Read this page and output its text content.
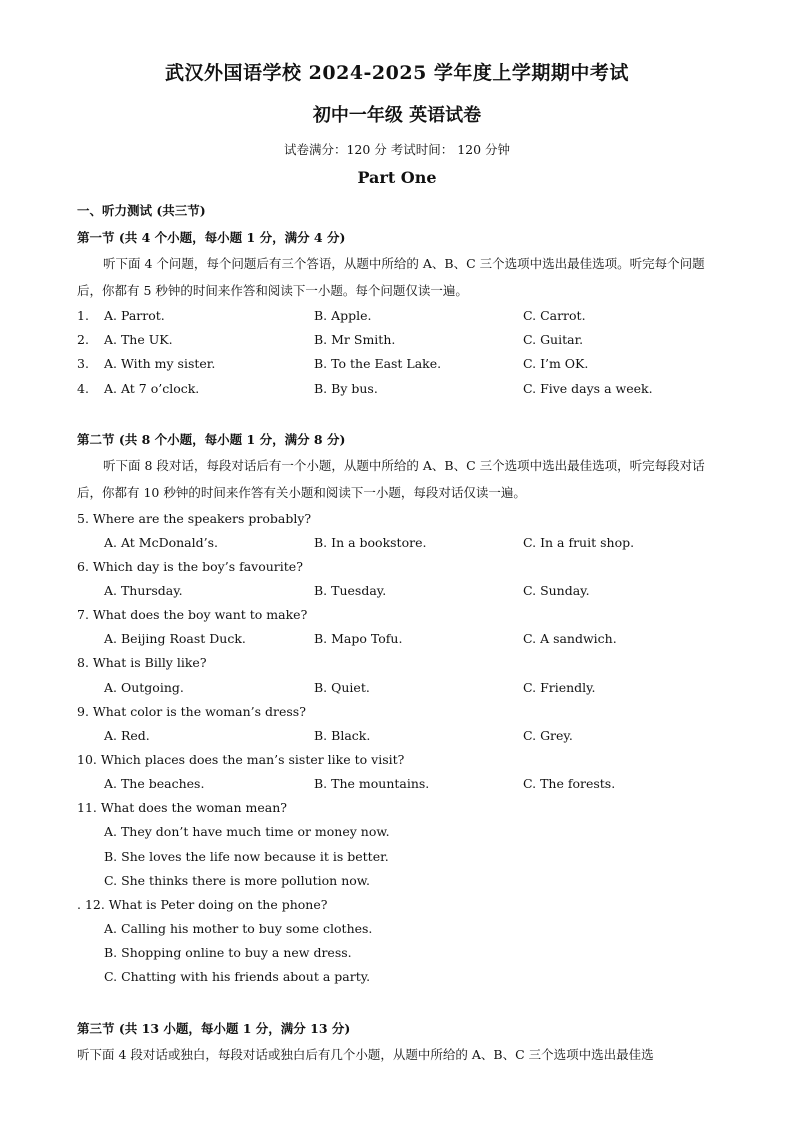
武汉外国语学校 2024-2025 学年度上学期期中考试
初中一年级 英语试卷
试卷满分：120 分 考试时间： 120 分钟
Part One
一、听力测试 (共三节)
第一节 (共 4 个小题，每小题 1 分，满分 4 分)
听下面 4 个问题，每个问题后有三个答语，从题中所给的 A、B、C 三个选项中选出最佳选项。听完每个问题后，你都有 5 秒钟的时间来作答和阅读下一小题。每个问题仅读一遍。
1. A. Parrot.	B. Apple.	C. Carrot.
2. A. The UK.	B. Mr Smith.	C. Guitar.
3. A. With my sister.	B. To the East Lake.	C. I’m OK.
4. A. At 7 o’clock.	B. By bus.	C. Five days a week.
第二节 (共 8 个小题，每小题 1 分，满分 8 分)
听下面 8 段对话，每段对话后有一个小题，从题中所给的 A、B、C 三个选项中选出最佳选项，听完每段对话后，你都有 10 秒钟的时间来作答有关小题和阅读下一小题，每段对话仅读一遍。
5. Where are the speakers probably?
A. At McDonald’s.	B. In a bookstore.	C. In a fruit shop.
6. Which day is the boy’s favourite?
A. Thursday.	B. Tuesday.	C. Sunday.
7. What does the boy want to make?
A. Beijing Roast Duck.	B. Mapo Tofu.	C. A sandwich.
8. What is Billy like?
A. Outgoing.	B. Quiet.	C. Friendly.
9. What color is the woman’s dress?
A. Red.	B. Black.	C. Grey.
10. Which places does the man’s sister like to visit?
A. The beaches.	B. The mountains.	C. The forests.
11. What does the woman mean?
A. They don’t have much time or money now.
B. She loves the life now because it is better.
C. She thinks there is more pollution now.
. 12. What is Peter doing on the phone?
A. Calling his mother to buy some clothes.
B. Shopping online to buy a new dress.
C. Chatting with his friends about a party.
第三节 (共 13 小题，每小题 1 分，满分 13 分)
听下面 4 段对话或独白，每段对话或独白后有几个小题，从题中所给的 A、B、C 三个选项中选出最佳选
